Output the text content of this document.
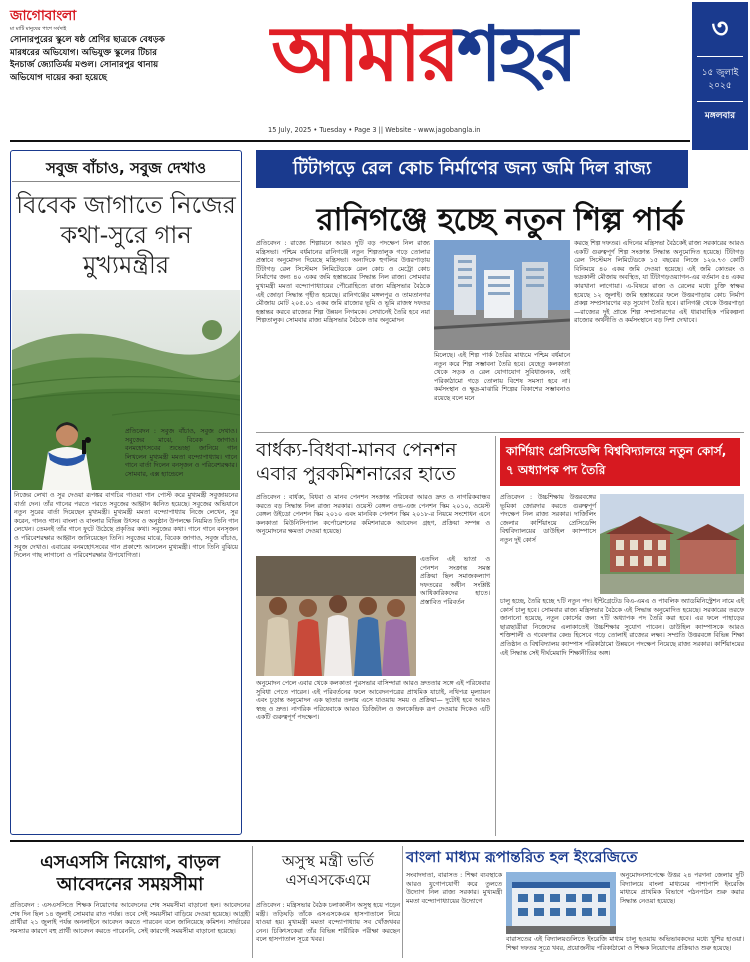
জাগোবাংলা
মা মাটি মানুষের পাশে সর্বদাই
সোনারপুরের স্কুলে ষষ্ঠ শ্রেণির ছাত্রকে বেধড়ক মারধরের অভিযোগ। অভিযুক্ত স্কুলের টিচার ইনচার্জ জ্যোতির্ময় মণ্ডল। সোনারপুর থানায় অভিযোগ দায়ের করা হয়েছে	আমার শহর
15 July, 2025 • Tuesday • Page 3 || Website - www.jagobangla.in
৩
১৫ জুলাই ২০২৫
মঙ্গলবার
সবুজ বাঁচাও, সবুজ দেখাও
বিবেক জাগাতে নিজের কথা-সুরে গান মুখ্যমন্ত্রীর
প্রতিবেদন : সবুজ বাঁচাও, সবুজ দেখাও। সবুজের মাঝে, বিবেক জাগাও। বনমহোৎসবের শুভেচ্ছা জানিয়ে গান লিখলেন মুখ্যমন্ত্রী মমতা বন্দ্যোপাধ্যায়। গানে গানে বার্তা দিলেন বনসৃজন ও পরিবেশরক্ষার। সোমবার, এক্স হ্যান্ডেলে
নিজের লেখা ও সুর দেওয়া রূপঙ্কর বাগচির গাওয়া গান পোস্ট করে মুখ্যমন্ত্রী সবুজায়নের বার্তা দেন। তাঁর গানের পরতে পরতে সবুজের আহ্বান ধ্বনিত হয়েছে। সবুজের অভিযানে নতুন সুরের বার্তা দিয়েছেন মুখ্যমন্ত্রী। মুখ্যমন্ত্রী মমতা বন্দ্যোপাধ্যায় নিজে লেখেন, সুর করেন, গানও গান। বাংলা ও বাংলার বিভিন্ন উৎসব ও অনুষ্ঠান উপলক্ষে নিয়মিত তিনি গান লেখেন। তেমনই তাঁর গানে ফুটে উঠেছে প্রকৃতির কথা। সবুজের কথা। গানে গানে বনসৃজন ও পরিবেশরক্ষার আহ্বান জানিয়েছেন তিনি। সবুজের মাঝে, বিবেক জাগাও, সবুজ বাঁচাও, সবুজ দেখাও। এবারের বনমহোৎসবের গান প্রকাশ্যে আনলেন মুখ্যমন্ত্রী। গানে তিনি বুঝিয়ে দিলেন গাছ লাগানো ও পরিবেশরক্ষার উপযোগিতা।
টিটাগড়ে রেল কোচ নির্মাণের জন্য জমি দিল রাজ্য
রানিগঞ্জে হচ্ছে নতুন শিল্প পার্ক
প্রতিবেদন : রাজ্যে শিল্পায়নে আরও দুটি বড় পদক্ষেপ নিল রাজ্য মন্ত্রিসভা। পশ্চিম বর্ধমানের রানিগঞ্জে নতুন শিল্পতালুক গড়ে তোলার প্রস্তাবে অনুমোদন দিয়েছে মন্ত্রিসভা। অন্যদিকে হুগলির উত্তরপাড়ায় টিটাগড় রেল সিস্টেমস লিমিটেডকে রেল কোচ ও মেট্রো কোচ নির্মাণের জন্য ৪০ একর জমি হস্তান্তরের সিদ্ধান্ত নিল রাজ্য। সোমবার মুখ্যমন্ত্রী মমতা বন্দ্যোপাধ্যায়ের পৌরোহিত্যে রাজ্য মন্ত্রিসভার বৈঠকে এই জোড়া সিদ্ধান্ত গৃহীত হয়েছে। রানিগঞ্জের মঙ্গলপুর ও তামতানগর মৌজায় মোট ২০৫.০১ একর জমি রাজ্যের ভূমি ও ভূমি রাজস্ব দফতর হস্তান্তর করবে রাজ্যের শিল্প উন্নয়ন নিগমকে। সেখানেই তৈরি হবে নয়া শিল্পতালুক। সোমবার রাজ্য মন্ত্রিসভার বৈঠকে তার অনুমোদন
মিলেছে। এই শিল্প পার্ক তৈরির মাধ্যমে পশ্চিম বর্ধমানে নতুন করে শিল্প সম্ভাবনা তৈরি হবে। যেহেতু কলকাতা থেকে সড়ক ও রেল যোগাযোগ সুবিধাজনক, তাই পরিকাঠামো গড়ে তোলায় বিশেষ সমস্যা হবে না। কর্মসংস্থান ও ক্ষুদ্র-মাঝারি শিল্পের বিকাশের সম্ভাবনাও রয়েছে বলে মনে
করছে শিল্প দফতর। এদিনের মন্ত্রিসভা বৈঠকেই রাজ্য সরকারের আরও একটি গুরুত্বপূর্ণ শিল্প সংক্রান্ত সিদ্ধান্ত অনুমোদিত হয়েছে। টিটাগড় রেল সিস্টেমস লিমিটেডকে ১৫ বছরের লিজে ১২৬.৭৩ কোটি বিনিময়ে ৪০ একর জমি দেওয়া হয়েছে। এই জমি কোতরং ও ভদ্রকালী মৌজায় অবস্থিত, যা টিটাগড়ওয়্যাগন-এর বর্তমান ৫৪ একর কারখানা লাগোয়া। এ-বিষয়ে রাজ্য ও রেলের মধ্যে চুক্তি স্বাক্ষর হয়েছে ১২ জুলাই। জমি হস্তান্তরের ফলে উত্তরপাড়ায় কোচ নির্মাণ প্রকল্প সম্প্রসারণের বড় সুযোগ তৈরি হবে। রানিগঞ্জ থেকে উত্তরপাড়া—রাজ্যের দুই প্রান্তে শিল্প সম্প্রসারণের এই ধারাবাহিক পরিকল্পনা রাজ্যের অর্থনীতি ও কর্মসংস্থানে বড় দিশা দেখাবে।
বার্ধক্য-বিধবা-মানব পেনশন এবার পুরকমিশনারের হাতে
প্রতিবেদন : বার্ধক্য, বিধবা ও মানব পেনশন সংক্রান্ত পরিষেবা আরও দ্রুত ও নাগরিকবান্ধব করতে বড় সিদ্ধান্ত নিল রাজ্য সরকার। ওয়েস্ট বেঙ্গল ওল্ড-এজ পেনশন স্কিম ২০১০, ওয়েস্ট বেঙ্গল উইডো পেনশন স্কিম ২০১০ এবং মানবিক পেনশন স্কিম ২০১৮-র নিয়মে সংশোধন এনে কলকাতা মিউনিসিপ্যাল কর্পোরেশনের কমিশনারকে আবেদন গ্রহণ, প্রক্রিয়া সম্পন্ন ও অনুমোদনের ক্ষমতা দেওয়া হয়েছে।
এতদিন এই ভাতা ও পেনশন সংক্রান্ত সমস্ত প্রক্রিয়া ছিল সমাজকল্যাণ দফতরের অধীন সংশ্লিষ্ট আধিকারিকদের হাতে। প্রস্তাবিত পরিবর্তন
অনুমোদন পেলে এবার থেকে কলকাতা পুরসভার বাসিন্দারা আরও দ্রুততার সঙ্গে এই পরিষেবার সুবিধা পেতে পারেন। এই পরিবর্তনের ফলে আবেদনপত্রের প্রাথমিক যাচাই, নথিপত্র মূল্যায়ন এবং চূড়ান্ত অনুমোদন এক ছাতার তলায় এসে যাওয়ায় সময় ও প্রক্রিয়া— দুটোই হবে আরও স্বচ্ছ ও দ্রুত। নাগরিক পরিষেবাকে আরও ডিজিটাল ও জনকেন্দ্রিক রূপ দেওয়ার দিকেও এটি একটি গুরুত্বপূর্ণ পদক্ষেপ।
কার্শিয়াং প্রেসিডেন্সি বিশ্ববিদ্যালয়ে নতুন কোর্স, ৭ অধ্যাপক পদ তৈরি
প্রতিবেদন : উচ্চশিক্ষায় উত্তরবঙ্গের ভূমিকা জোরদার করতে গুরুত্বপূর্ণ পদক্ষেপ নিল রাজ্য সরকার। দার্জিলিং জেলার কার্শিয়াংয়ে প্রেসিডেন্সি বিশ্ববিদ্যালয়ের ডাউহিল ক্যাম্পাসে নতুন দুই কোর্স
চালু হচ্ছে, তৈরি হচ্ছে ৭টি নতুন পদ। ইন্টিগ্রেটেড বিএ-এমএ ও পাবলিক অ্যাডমিনিস্ট্রেশন নামে এই কোর্স চালু হবে। সোমবার রাজ্য মন্ত্রিসভার বৈঠকে এই সিদ্ধান্ত অনুমোদিত হয়েছে। সরকারের তরফে জানানো হয়েছে, নতুন কোর্সের জন্য ৭টি অধ্যাপক পদ তৈরি করা হবে। এর ফলে পাহাড়ের ছাত্রছাত্রীরা নিজেদের এলাকাতেই উচ্চশিক্ষার সুযোগ পাবেন। ডাউহিল ক্যাম্পাসকে আরও শক্তিশালী ও গবেষণার কেন্দ্র হিসেবে গড়ে তোলাই রাজ্যের লক্ষ্য। সম্প্রতি উত্তরবঙ্গে বিভিন্ন শিক্ষা প্রতিষ্ঠান ও বিশ্ববিদ্যালয় ক্যাম্পাস পরিকাঠামো উন্নয়নে পদক্ষেপ নিয়েছে রাজ্য সরকার। কার্শিয়াংয়ের এই সিদ্ধান্ত সেই দীর্ঘমেয়াদি শিক্ষানীতির অঙ্গ।
এসএসসি নিয়োগ, বাড়ল আবেদনের সময়সীমা
প্রতিবেদন : এসএসসিতে শিক্ষক নিয়োগের আবেদনের শেষ সময়সীমা বাড়ানো হল। আবেদনের শেষ দিন ছিল ১৪ জুলাই সোমবার রাত পর্যন্ত। তবে সেই সময়সীমা বাড়িয়ে দেওয়া হয়েছে। আগ্রহী প্রার্থীরা ২১ জুলাই পর্যন্ত অনলাইনে আবেদন করতে পারবেন বলে জানিয়েছে কমিশন। সার্ভারের সমস্যার কারণে বহু প্রার্থী আবেদন করতে পারেননি, সেই কারণেই সময়সীমা বাড়ানো হয়েছে।
অসুস্থ মন্ত্রী ভর্তি এসএসকেএমে
প্রতিবেদন : মন্ত্রিসভার বৈঠক চলাকালীন অসুস্থ হয়ে পড়েন মন্ত্রী। তড়িঘড়ি তাঁকে এসএসকেএম হাসপাতালে নিয়ে যাওয়া হয়। মুখ্যমন্ত্রী মমতা বন্দ্যোপাধ্যায় সব খোঁজখবর নেন। চিকিৎসকেরা তাঁর বিভিন্ন শারীরিক পরীক্ষা করছেন বলে হাসপাতাল সূত্রে খবর।
বাংলা মাধ্যম রূপান্তরিত হল ইংরেজিতে
সংবাদদাতা, বারাসত : শিক্ষা ব্যবস্থাকে আরও যুগোপযোগী করে তুলতে উদ্যোগ নিল রাজ্য সরকার। মুখ্যমন্ত্রী মমতা বন্দ্যোপাধ্যায়ের উদ্যোগে
অনুমোদনসাপেক্ষে উত্তর ২৪ পরগনা জেলার দুটি বিদ্যালয়ে বাংলা মাধ্যমের পাশাপাশি ইংরেজি মাধ্যমে প্রাথমিক বিভাগে পঠনপাঠন শুরু করার সিদ্ধান্ত নেওয়া হয়েছে।
বারাসতের এই বিদ্যালয়গুলিতে ইংরেজি মাধ্যম চালু হওয়ায় অভিভাবকদের মধ্যে খুশির হাওয়া। শিক্ষা দফতর সূত্রে খবর, প্রয়োজনীয় পরিকাঠামো ও শিক্ষক নিয়োগের প্রক্রিয়াও শুরু হয়েছে।
